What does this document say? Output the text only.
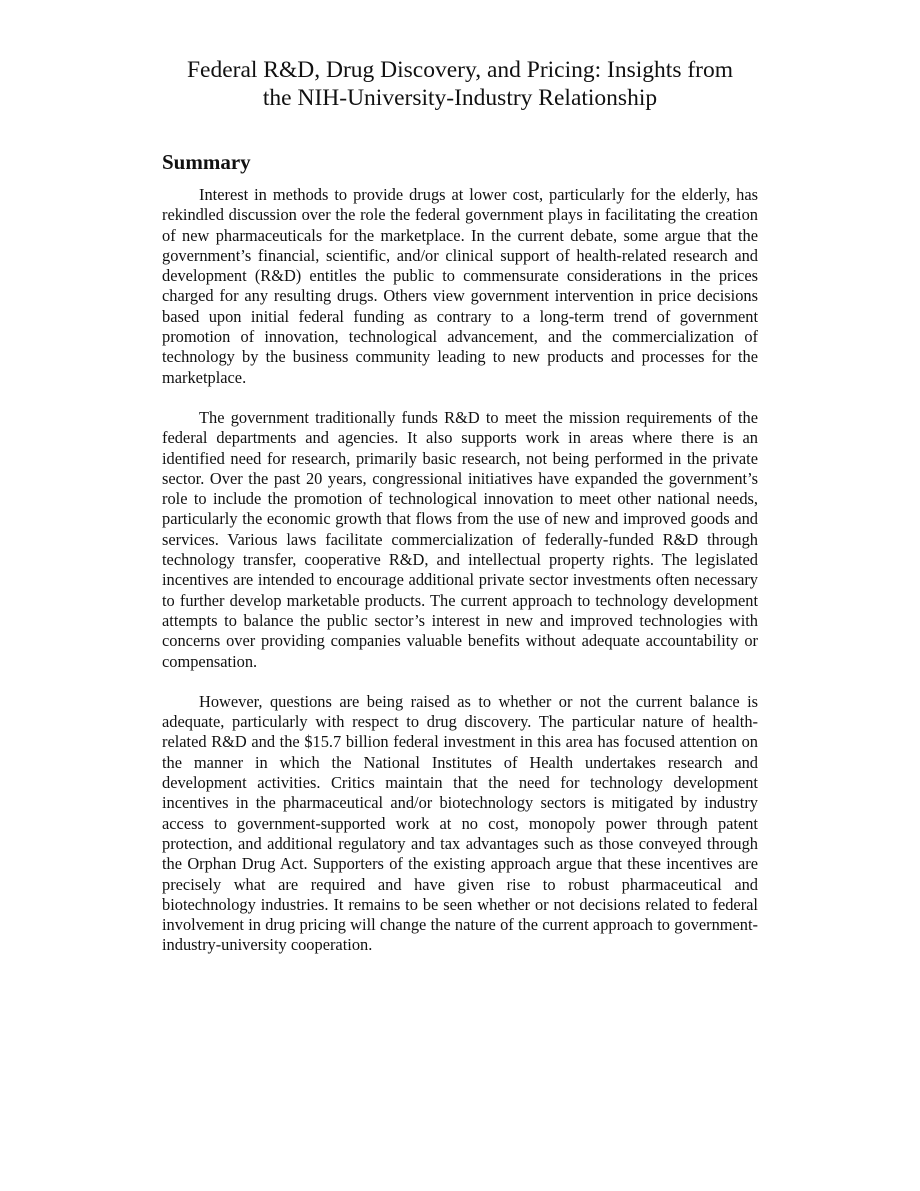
Federal R&D, Drug Discovery, and Pricing: Insights from
the NIH-University-Industry Relationship
Summary

Interest in methods to provide drugs at lower cost, particularly for the elderly, has rekindled discussion over the role the federal government plays in facilitating the creation of new pharmaceuticals for the marketplace. In the current debate, some argue that the government’s financial, scientific, and/or clinical support of health-related research and development (R&D) entitles the public to commensurate considerations in the prices charged for any resulting drugs. Others view government intervention in price decisions based upon initial federal funding as contrary to a long-term trend of government promotion of innovation, technological advancement, and the commercialization of technology by the business community leading to new products and processes for the marketplace.

The government traditionally funds R&D to meet the mission requirements of the federal departments and agencies. It also supports work in areas where there is an identified need for research, primarily basic research, not being performed in the private sector. Over the past 20 years, congressional initiatives have expanded the government’s role to include the promotion of technological innovation to meet other national needs, particularly the economic growth that flows from the use of new and improved goods and services. Various laws facilitate commercialization of federally-funded R&D through technology transfer, cooperative R&D, and intellectual property rights. The legislated incentives are intended to encourage additional private sector investments often necessary to further develop marketable products. The current approach to technology development attempts to balance the public sector’s interest in new and improved technologies with concerns over providing companies valuable benefits without adequate accountability or compensation.

However, questions are being raised as to whether or not the current balance is adequate, particularly with respect to drug discovery. The particular nature of health-related R&D and the $15.7 billion federal investment in this area has focused attention on the manner in which the National Institutes of Health undertakes research and development activities. Critics maintain that the need for technology development incentives in the pharmaceutical and/or biotechnology sectors is mitigated by industry access to government-supported work at no cost, monopoly power through patent protection, and additional regulatory and tax advantages such as those conveyed through the Orphan Drug Act. Supporters of the existing approach argue that these incentives are precisely what are required and have given rise to robust pharmaceutical and biotechnology industries. It remains to be seen whether or not decisions related to federal involvement in drug pricing will change the nature of the current approach to government-industry-university cooperation.
